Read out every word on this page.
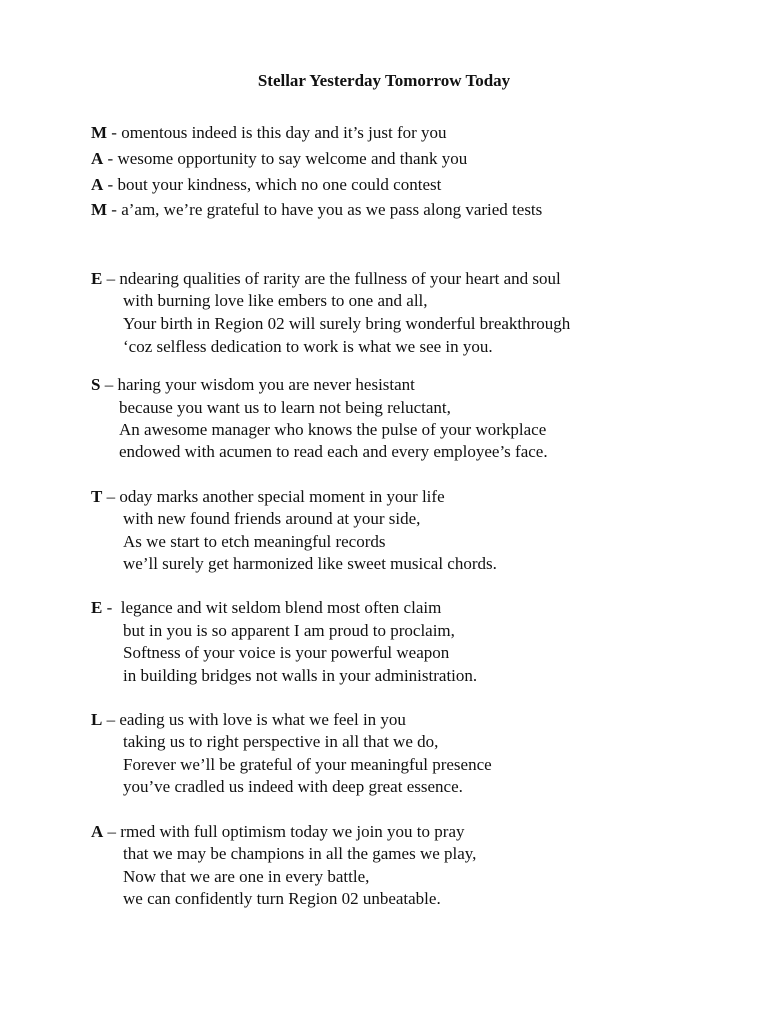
Stellar Yesterday Tomorrow Today
M - omentous indeed is this day and it’s just for you
A - wesome opportunity to say welcome and thank you
A - bout your kindness, which no one could contest
M - a’am, we’re grateful to have you as we pass along varied tests
E – ndearing qualities of rarity are the fullness of your heart and soul
with burning love like embers to one and all,
Your birth in Region 02 will surely bring wonderful breakthrough
‘coz selfless dedication to work is what we see in you.
S – haring your wisdom you are never hesistant
because you want us to learn not being reluctant,
An awesome manager who knows the pulse of your workplace
endowed with acumen to read each and every employee’s face.
T – oday marks another special moment in your life
with new found friends around at your side,
As we start to etch meaningful records
we’ll surely get harmonized like sweet musical chords.
E -  legance and wit seldom blend most often claim
but in you is so apparent I am proud to proclaim,
Softness of your voice is your powerful weapon
in building bridges not walls in your administration.
L – eading us with love is what we feel in you
taking us to right perspective in all that we do,
Forever we’ll be grateful of your meaningful presence
you’ve cradled us indeed with deep great essence.
A – rmed with full optimism today we join you to pray
that we may be champions in all the games we play,
Now that we are one in every battle,
we can confidently turn Region 02 unbeatable.
